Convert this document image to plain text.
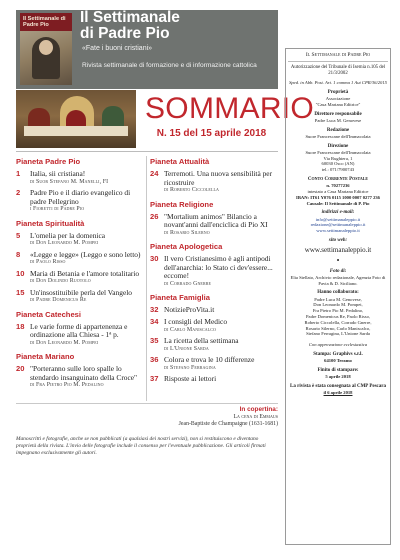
Il Settimanale di Padre Pio	Il Settimanale
di Padre Pio
«Fate i buoni cristiani»
Rivista settimanale di formazione e di informazione cattolica
SOMMARIO
N. 15 del 15 aprile 2018
Pianeta Padre Pio
1	Italia, sii cristiana!
di Suor Stefano M. Manelli, FI
2	Padre Pio e il diario evangelico di padre Pellegrino
i Fioretti di Padre Pio
Pianeta Spiritualità
5	L'omelia per la domenica
di Don Leonardo M. Pompei
8	«Legge e legge» (Leggo e sono letto)
di Paolo Risso
10 Maria di Betania e l'amore totalitario
di Don Dolindo Ruotolo
15 Un'insostituibile perla del Vangelo
di Padre Domenicus Re
Pianeta Catechesi
18 Le varie forme di appartenenza e ordinazione alla Chiesa - 1ª p.
di Don Leonardo M. Pompei
Pianeta Mariano
20 "Porteranno sulle loro spalle lo stendardo insanguinato della Croce"
di Fra Pietro Pio M. Pedalino
Pianeta Attualità
24 Terremoti. Una nuova sensibilità per ricostruire
di Roberto Ciccolella
Pianeta Religione
26 "Mortalium animos" Bilancio a novant'anni dall'enciclica di Pio XI
di Rosario Silerno
Pianeta Apologetica
30 Il vero Cristianesimo è agli antipodi dell'anarchia: lo Stato ci dev'essere... eccome!
di Corrado Gnerre
Pianeta Famiglia
32 NotizieProVita.it
34 I consigli del Medico
di Carlo Maniscalco
35 La ricetta della settimana
di L'Unione Sarda
36 Colora e trova le 10 differenze
di Stefano Ferragina
37 Risposte ai lettori
In copertina:
La cena di Emmaus
Jean-Baptiste de Champaigne (1631-1681)
Manoscritti e fotografie, anche se non pubblicati (a qualsiasi dei nostri servizi), non si restituiscono e diventano proprietà della rivista. L'invio delle fotografie include il consenso per l'eventuale pubblicazione. Gli articoli firmati impegnano esclusivamente gli autori.
Il Settimanale di Padre Pio
Autorizzazione del Tribunale di Isernia n.105 del 21/3/2002
Sped. in Abb. Post. Art. 1 comma 1 Aut CPR/36/2015
Proprietà
Associazione
"Casa Mariana Editrice"
Direttore responsabile
Padre Luca M. Genovese
Redazione
Suore Francescane dell'Immacolata
Direzione
Suore Francescane dell'Immacolata
Via Rughiera, 1
60030 Osco (AN)
tel.: 071/7900743
Conto Corrente Postale
n. 70277236
intestato a Casa Mariana Editrice
IBAN: IT61 Y076 0115 1000 0007 0277 236
Causale: Il Settimanale di P. Pio
indirizzi e-mail:
info@settimanaleppio.it
redazione@settimanaleppio.it
www.settimanaleppio.it
sito web:
www.settimanaleppio.it
•
Foto di:
Elia Stellato, Archivio redazionale, Agenzia Foto di Pavia & D. Siciliano.
Hanno collaborato:
Padre Luca M. Genovese,
Don Leonardo M. Pompei,
Fra Pietro Pio M. Pedalino,
Padre Domenicus Re, Paolo Risso,
Roberto Ciccolella, Corrado Gnerre,
Rosario Silerno, Carlo Maniscalco,
Stefano Ferragina, L'Unione Sarda
Con approvazione ecclesiastica
Stampa: Graphivs s.r.l.
64100 Teramo
Finito di stampare:
5 aprile 2018
La rivista è stata consegnata al CMP Pescara
il 6 aprile 2018
